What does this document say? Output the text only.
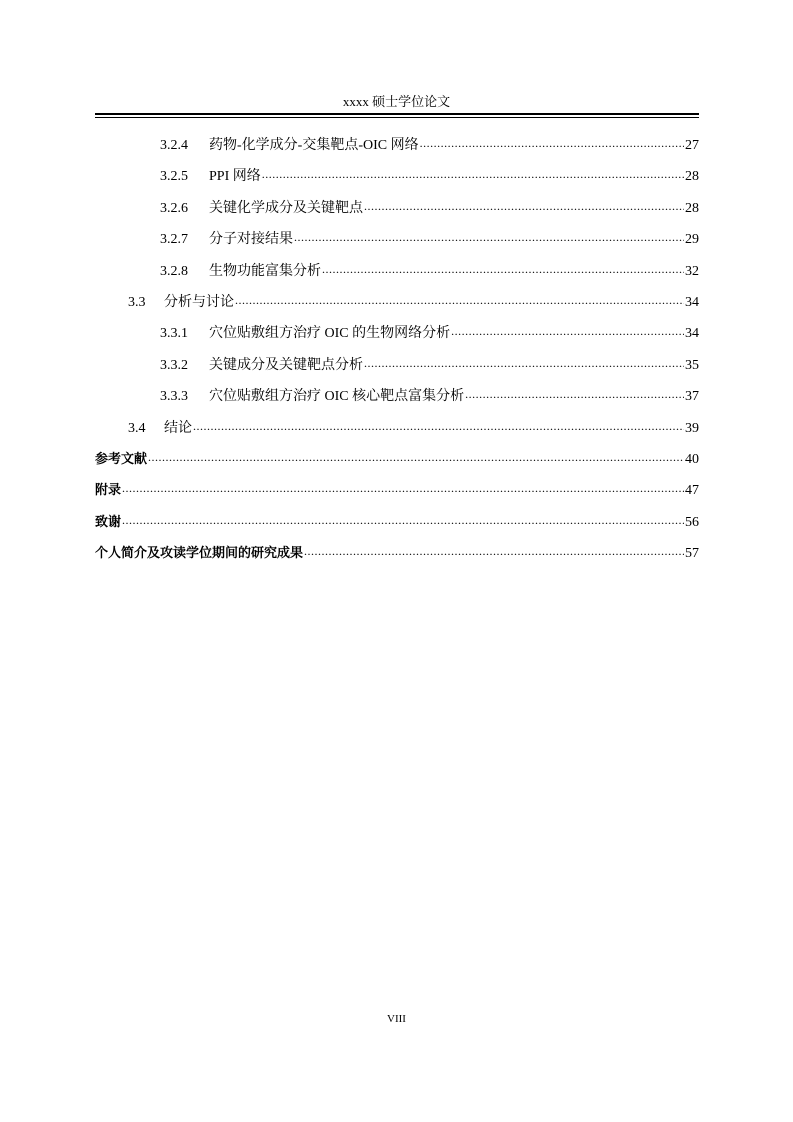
xxxx 硕士学位论文
3.2.4	药物-化学成分-交集靶点-OIC 网络 .....	27
3.2.5	PPI 网络 .....	28
3.2.6	关键化学成分及关键靶点 .....	28
3.2.7	分子对接结果 .....	29
3.2.8	生物功能富集分析 .....	32
3.3	分析与讨论 .....	34
3.3.1	穴位贴敷组方治疗 OIC 的生物网络分析 .....	34
3.3.2	关键成分及关键靶点分析 .....	35
3.3.3	穴位贴敷组方治疗 OIC 核心靶点富集分析 .....	37
3.4	结论 .....	39
参考文献 .....	40
附录 .....	47
致谢 .....	56
个人简介及攻读学位期间的研究成果 .....	57
VIII
